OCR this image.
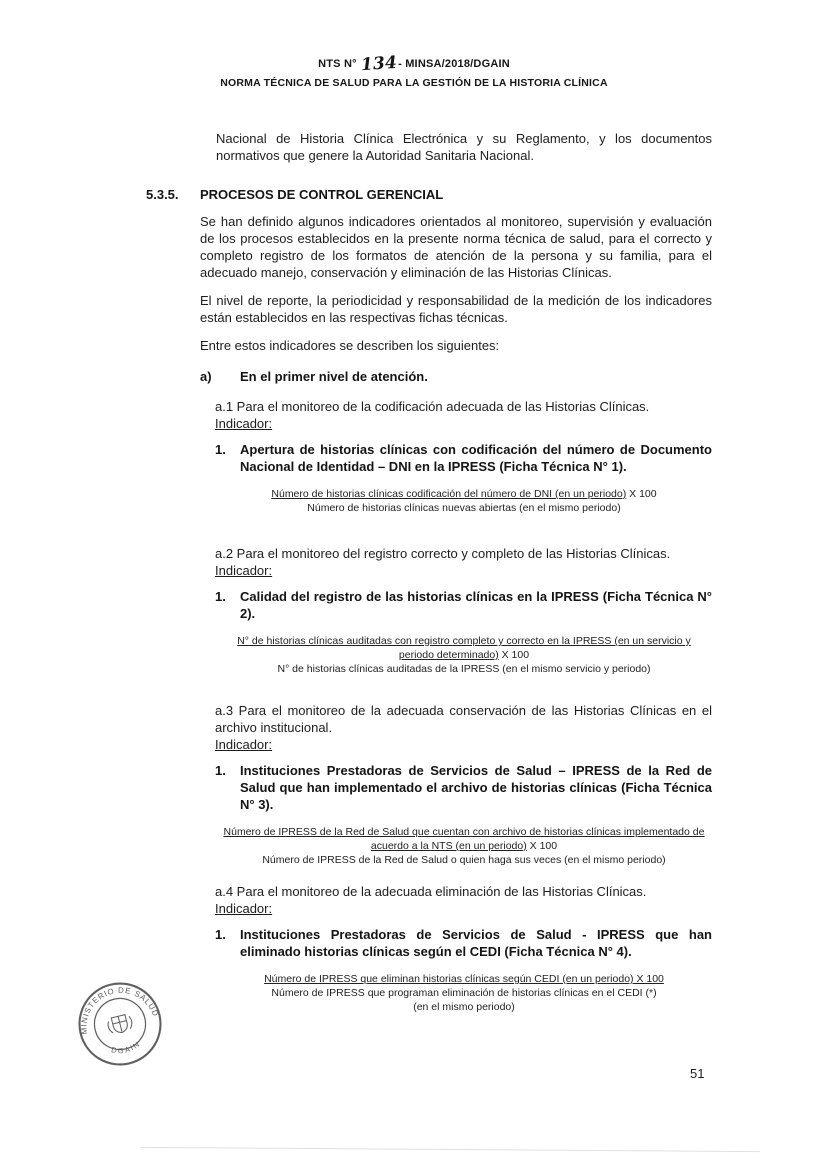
NTS N° 134- MINSA/2018/DGAIN
NORMA TÉCNICA DE SALUD PARA LA GESTIÓN DE LA HISTORIA CLÍNICA

Nacional de Historia Clínica Electrónica y su Reglamento, y los documentos normativos que genere la Autoridad Sanitaria Nacional.

5.3.5.	PROCESOS DE CONTROL GERENCIAL

Se han definido algunos indicadores orientados al monitoreo, supervisión y evaluación de los procesos establecidos en la presente norma técnica de salud, para el correcto y completo registro de los formatos de atención de la persona y su familia, para el adecuado manejo, conservación y eliminación de las Historias Clínicas.

El nivel de reporte, la periodicidad y responsabilidad de la medición de los indicadores están establecidos en las respectivas fichas técnicas.

Entre estos indicadores se describen los siguientes:

a)	En el primer nivel de atención.
a.1 Para el monitoreo de la codificación adecuada de las Historias Clínicas.
Indicador:
1.	Apertura de historias clínicas con codificación del número de Documento Nacional de Identidad – DNI en la IPRESS (Ficha Técnica N° 1).
Número de historias clínicas codificación del número de DNI (en un periodo) X 100
Número de historias clínicas nuevas abiertas (en el mismo periodo)
a.2 Para el monitoreo del registro correcto y completo de las Historias Clínicas.
Indicador:
1.	Calidad del registro de las historias clínicas en la IPRESS (Ficha Técnica N° 2).
N° de historias clínicas auditadas con registro completo y correcto en la IPRESS (en un servicio y
periodo determinado) X 100
N° de historias clínicas auditadas de la IPRESS (en el mismo servicio y periodo)
a.3 Para el monitoreo de la adecuada conservación de las Historias Clínicas en el archivo institucional.
Indicador:
1.	Instituciones Prestadoras de Servicios de Salud – IPRESS de la Red de Salud que han implementado el archivo de historias clínicas (Ficha Técnica N° 3).
Número de IPRESS de la Red de Salud que cuentan con archivo de historias clínicas implementado de
acuerdo a la NTS (en un periodo) X 100
Número de IPRESS de la Red de Salud o quien haga sus veces (en el mismo periodo)
a.4 Para el monitoreo de la adecuada eliminación de las Historias Clínicas.
Indicador:
1.	Instituciones Prestadoras de Servicios de Salud - IPRESS que han eliminado historias clínicas según el CEDI (Ficha Técnica N° 4).
Número de IPRESS que eliminan historias clínicas según CEDI (en un periodo) X 100
Número de IPRESS que programan eliminación de historias clínicas en el CEDI (*)
(en el mismo periodo)
MINISTERIO DE SALUD
DGAIN
51
